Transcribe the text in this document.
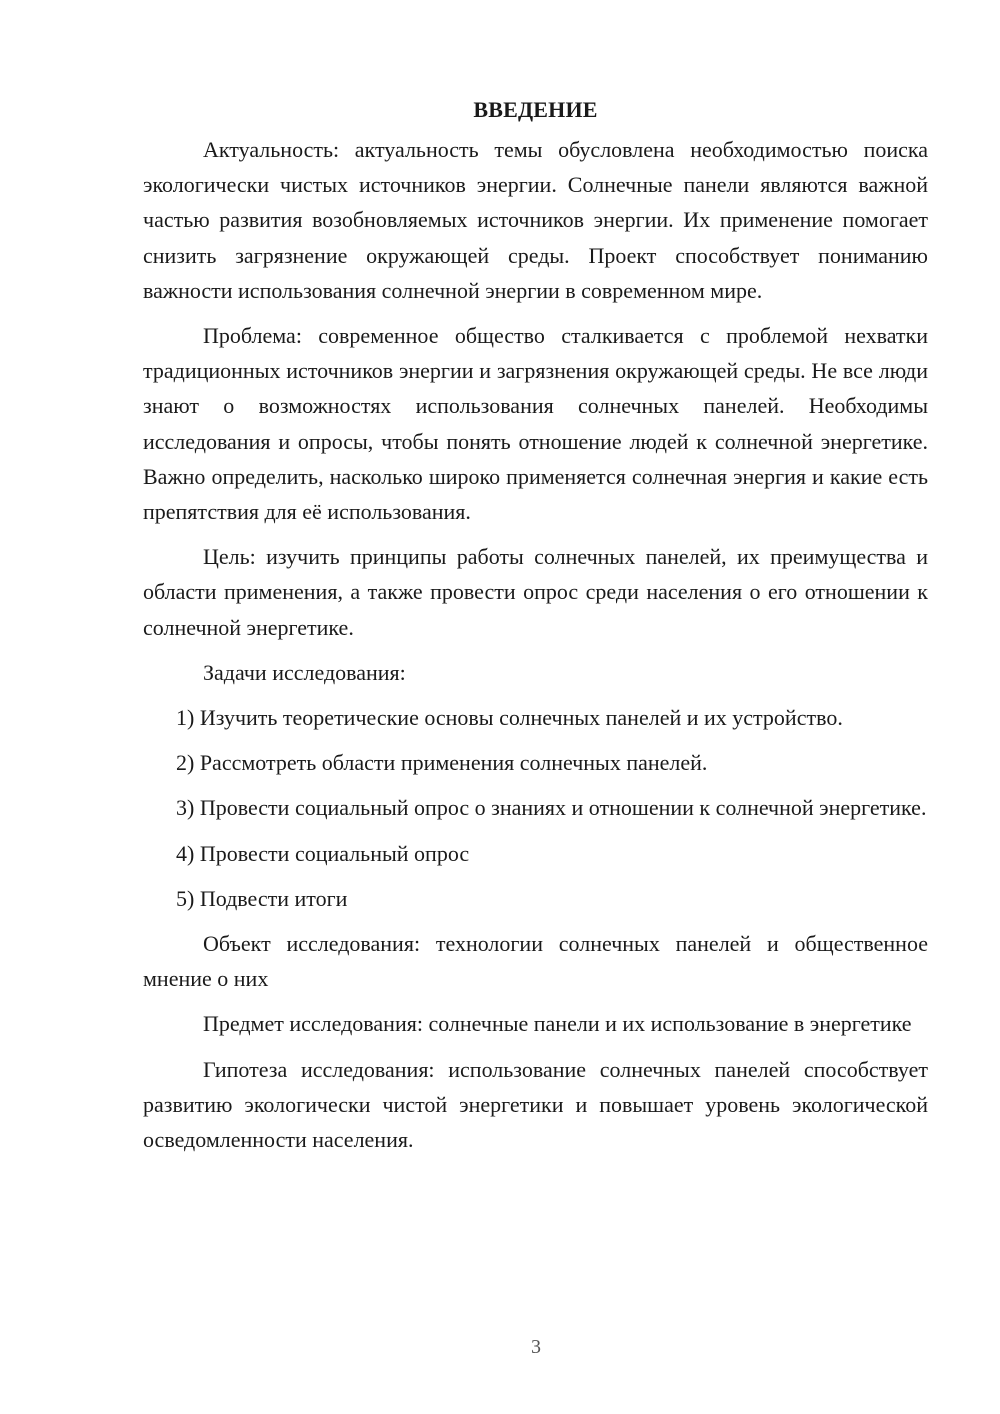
ВВЕДЕНИЕ

Актуальность: актуальность темы обусловлена необходимостью поиска экологически чистых источников энергии. Солнечные панели являются важной частью развития возобновляемых источников энергии. Их применение помогает снизить загрязнение окружающей среды. Проект способствует пониманию важности использования солнечной энергии в современном мире.

Проблема: современное общество сталкивается с проблемой нехватки традиционных источников энергии и загрязнения окружающей среды. Не все люди знают о возможностях использования солнечных панелей. Необходимы исследования и опросы, чтобы понять отношение людей к солнечной энергетике. Важно определить, насколько широко применяется солнечная энергия и какие есть препятствия для её использования.

Цель: изучить принципы работы солнечных панелей, их преимущества и области применения, а также провести опрос среди населения о его отношении к солнечной энергетике.

Задачи исследования:

1) Изучить теоретические основы солнечных панелей и их устройство.

2) Рассмотреть области применения солнечных панелей.

3) Провести социальный опрос о знаниях и отношении к солнечной энергетике.

4) Провести социальный опрос

5) Подвести итоги

Объект исследования: технологии солнечных панелей и общественное мнение о них

Предмет исследования: солнечные панели и их использование в энергетике

Гипотеза исследования: использование солнечных панелей способствует развитию экологически чистой энергетики и повышает уровень экологической осведомленности населения.

3
